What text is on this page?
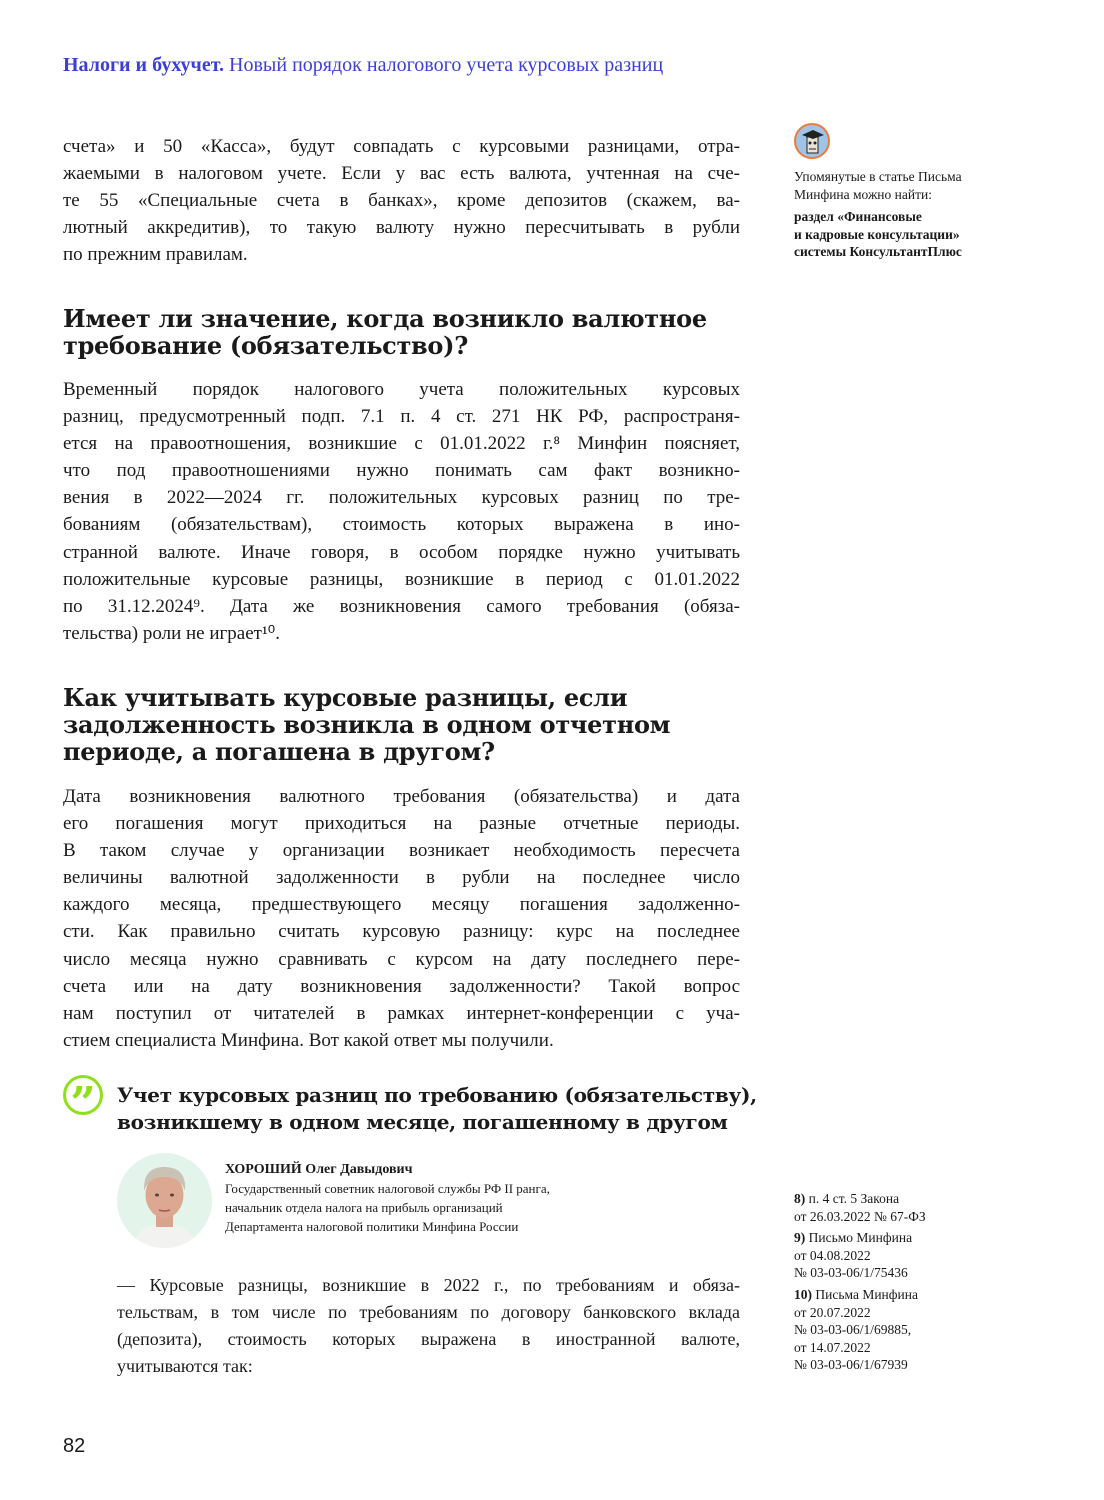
Налоги и бухучет. Новый порядок налогового учета курсовых разниц
счета» и 50 «Касса», будут совпадать с курсовыми разницами, отра-
жаемыми в налоговом учете. Если у вас есть валюта, учтенная на сче-
те 55 «Специальные счета в банках», кроме депозитов (скажем, ва-
лютный аккредитив), то такую валюту нужно пересчитывать в рубли
по прежним правилам.
Имеет ли значение, когда возникло валютное
требование (обязательство)?
Временный порядок налогового учета положительных курсовых
разниц, предусмотренный подп. 7.1 п. 4 ст. 271 НК РФ, распространя-
ется на правоотношения, возникшие с 01.01.2022 г.⁸ Минфин поясняет,
что под правоотношениями нужно понимать сам факт возникно-
вения в 2022—2024 гг. положительных курсовых разниц по тре-
бованиям (обязательствам), стоимость которых выражена в ино-
странной валюте. Иначе говоря, в особом порядке нужно учитывать
положительные курсовые разницы, возникшие в период с 01.01.2022
по 31.12.2024⁹. Дата же возникновения самого требования (обяза-
тельства) роли не играет¹⁰.
Как учитывать курсовые разницы, если
задолженность возникла в одном отчетном
периоде, а погашена в другом?
Дата возникновения валютного требования (обязательства) и дата
его погашения могут приходиться на разные отчетные периоды.
В таком случае у организации возникает необходимость пересчета
величины валютной задолженности в рубли на последнее число
каждого месяца, предшествующего месяцу погашения задолженно-
сти. Как правильно считать курсовую разницу: курс на последнее
число месяца нужно сравнивать с курсом на дату последнего пере-
счета или на дату возникновения задолженности? Такой вопрос
нам поступил от читателей в рамках интернет-конференции с уча-
стием специалиста Минфина. Вот какой ответ мы получили.
”	Учет курсовых разниц по требованию (обязательству),
возникшему в одном месяце, погашенному в другом
ХОРОШИЙ Олег Давыдович
Государственный советник налоговой службы РФ II ранга,
начальник отдела налога на прибыль организаций
Департамента налоговой политики Минфина России
— Курсовые разницы, возникшие в 2022 г., по требованиям и обяза-
тельствам, в том числе по требованиям по договору банковского вклада
(депозита), стоимость которых выражена в иностранной валюте,
учитываются так:
82
Упомянутые в статье Письма
Минфина можно найти:
раздел «Финансовые
и кадровые консультации»
системы КонсультантПлюс
8) п. 4 ст. 5 Закона
от 26.03.2022 № 67-ФЗ
9) Письмо Минфина
от 04.08.2022
№ 03-03-06/1/75436
10) Письма Минфина
от 20.07.2022
№ 03-03-06/1/69885,
от 14.07.2022
№ 03-03-06/1/67939
